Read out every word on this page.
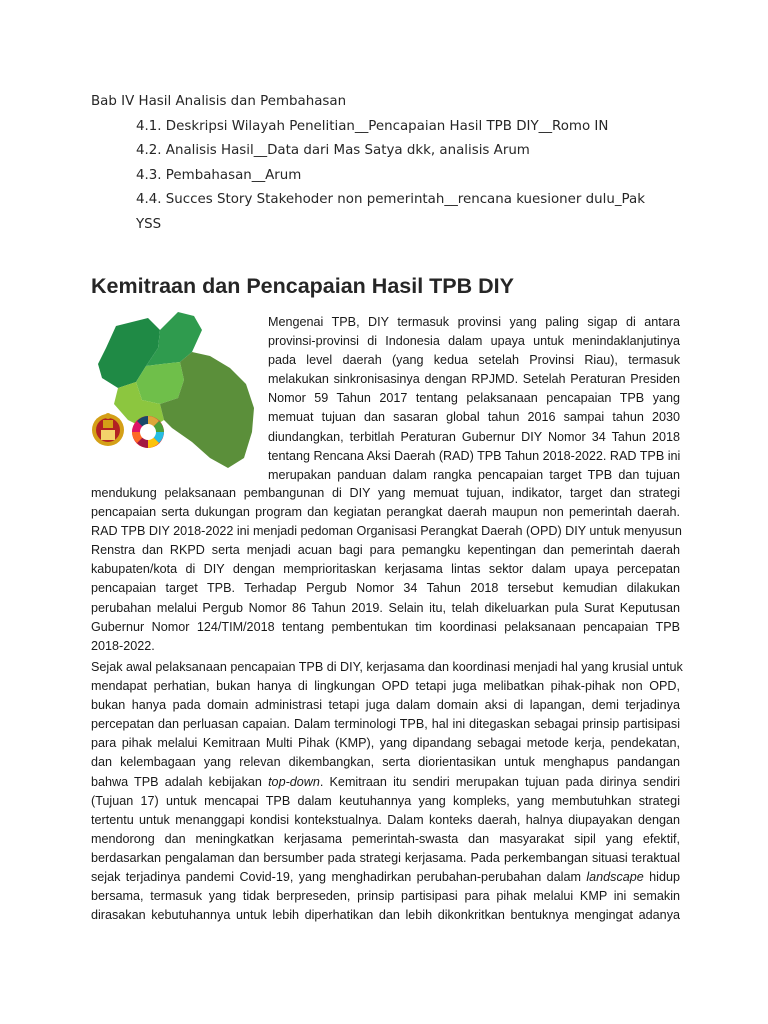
Bab IV Hasil Analisis dan Pembahasan
4.1. Deskripsi Wilayah Penelitian__Pencapaian Hasil TPB DIY__Romo IN
4.2. Analisis Hasil__Data dari Mas Satya dkk, analisis Arum
4.3. Pembahasan__Arum
4.4. Succes Story Stakehoder non pemerintah__rencana kuesioner dulu_Pak
YSS
Kemitraan dan Pencapaian Hasil TPB DIY
Mengenai TPB, DIY termasuk provinsi yang paling sigap di antara
provinsi-provinsi di Indonesia dalam upaya untuk menindaklanjutinya
pada level daerah (yang kedua setelah Provinsi Riau), termasuk
melakukan sinkronisasinya dengan RPJMD. Setelah Peraturan Presiden
Nomor 59 Tahun 2017 tentang pelaksanaan pencapaian TPB yang
memuat tujuan dan sasaran global tahun 2016 sampai tahun 2030
diundangkan, terbitlah Peraturan Gubernur DIY Nomor 34 Tahun 2018
tentang Rencana Aksi Daerah (RAD) TPB Tahun 2018-2022. RAD TPB ini
merupakan panduan dalam rangka pencapaian target TPB dan tujuan
mendukung pelaksanaan pembangunan di DIY yang memuat tujuan, indikator, target dan strategi
pencapaian serta dukungan program dan kegiatan perangkat daerah maupun non pemerintah daerah.
RAD TPB DIY 2018-2022 ini menjadi pedoman Organisasi Perangkat Daerah (OPD) DIY untuk menyusun
Renstra dan RKPD serta menjadi acuan bagi para pemangku kepentingan dan pemerintah daerah
kabupaten/kota di DIY dengan memprioritaskan kerjasama lintas sektor dalam upaya percepatan
pencapaian target TPB. Terhadap Pergub Nomor 34 Tahun 2018 tersebut kemudian dilakukan
perubahan melalui Pergub Nomor 86 Tahun 2019. Selain itu, telah dikeluarkan pula Surat Keputusan
Gubernur Nomor 124/TIM/2018 tentang pembentukan tim koordinasi pelaksanaan pencapaian TPB
2018-2022.
Sejak awal pelaksanaan pencapaian TPB di DIY, kerjasama dan koordinasi menjadi hal yang krusial untuk
mendapat perhatian, bukan hanya di lingkungan OPD tetapi juga melibatkan pihak-pihak non OPD,
bukan hanya pada domain administrasi tetapi juga dalam domain aksi di lapangan, demi terjadinya
percepatan dan perluasan capaian. Dalam terminologi TPB, hal ini ditegaskan sebagai prinsip partisipasi
para pihak melalui Kemitraan Multi Pihak (KMP), yang dipandang sebagai metode kerja, pendekatan,
dan kelembagaan yang relevan dikembangkan, serta diorientasikan untuk menghapus pandangan
bahwa TPB adalah kebijakan top-down. Kemitraan itu sendiri merupakan tujuan pada dirinya sendiri
(Tujuan 17) untuk mencapai TPB dalam keutuhannya yang kompleks, yang membutuhkan strategi
tertentu untuk menanggapi kondisi kontekstualnya. Dalam konteks daerah, halnya diupayakan dengan
mendorong dan meningkatkan kerjasama pemerintah-swasta dan masyarakat sipil yang efektif,
berdasarkan pengalaman dan bersumber pada strategi kerjasama. Pada perkembangan situasi teraktual
sejak terjadinya pandemi Covid-19, yang menghadirkan perubahan-perubahan dalam landscape hidup
bersama, termasuk yang tidak berpreseden, prinsip partisipasi para pihak melalui KMP ini semakin
dirasakan kebutuhannya untuk lebih diperhatikan dan lebih dikonkritkan bentuknya mengingat adanya
